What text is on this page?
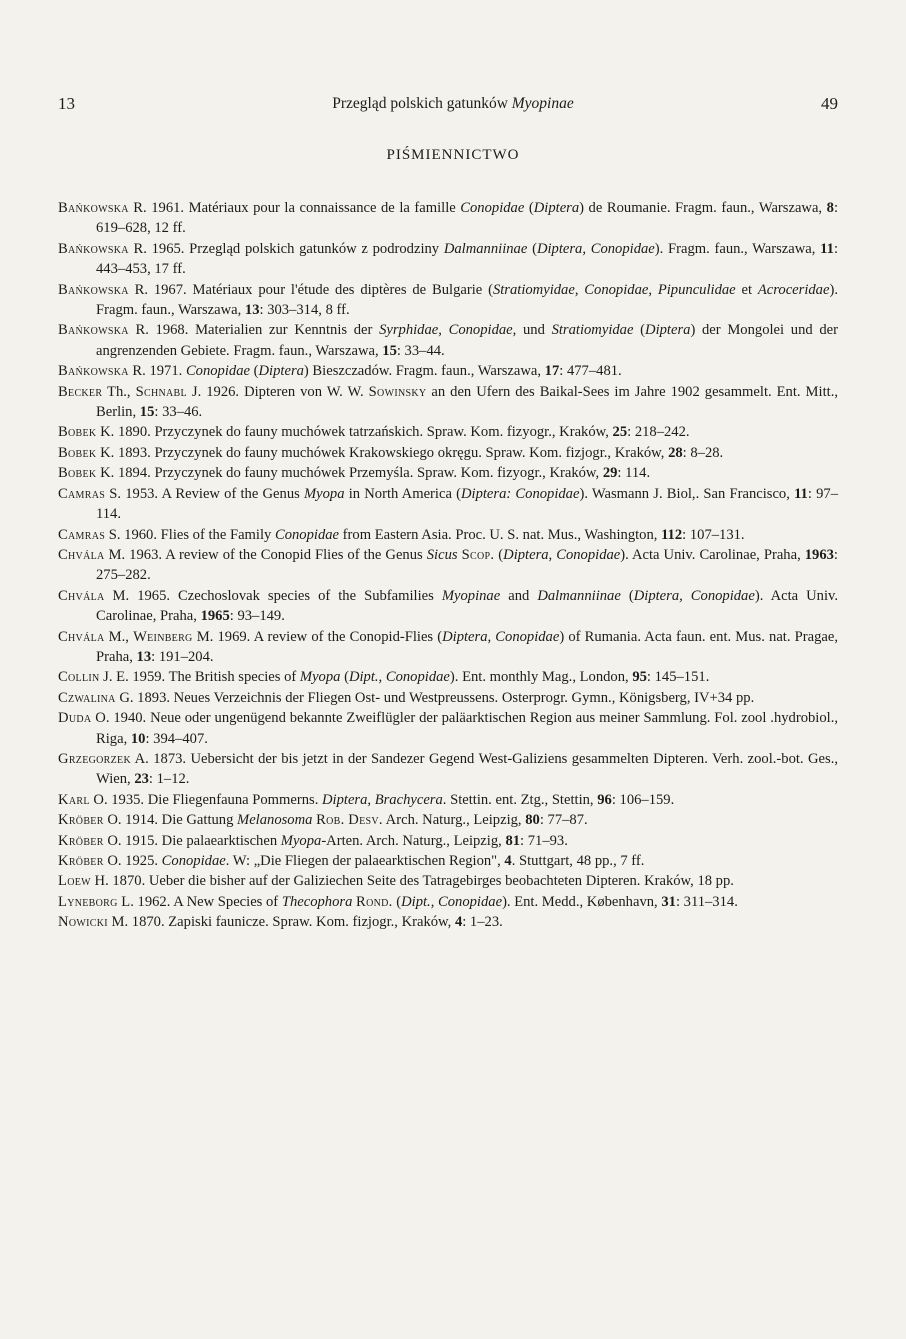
13	Przegląd polskich gatunków Myopinae	49
PIŚMIENNICTWO

Bańkowska R. 1961. Matériaux pour la connaissance de la famille Conopidae (Diptera) de Roumanie. Fragm. faun., Warszawa, 8: 619–628, 12 ff.

Bańkowska R. 1965. Przegląd polskich gatunków z podrodziny Dalmanniinae (Diptera, Conopidae). Fragm. faun., Warszawa, 11: 443–453, 17 ff.

Bańkowska R. 1967. Matériaux pour l'étude des diptères de Bulgarie (Stratiomyidae, Conopidae, Pipunculidae et Acroceridae). Fragm. faun., Warszawa, 13: 303–314, 8 ff.

Bańkowska R. 1968. Materialien zur Kenntnis der Syrphidae, Conopidae, und Stratiomyidae (Diptera) der Mongolei und der angrenzenden Gebiete. Fragm. faun., Warszawa, 15: 33–44.

Bańkowska R. 1971. Conopidae (Diptera) Bieszczadów. Fragm. faun., Warszawa, 17: 477–481.

Becker Th., Schnabl J. 1926. Dipteren von W. W. Sowinsky an den Ufern des Baikal-Sees im Jahre 1902 gesammelt. Ent. Mitt., Berlin, 15: 33–46.

Bobek K. 1890. Przyczynek do fauny muchówek tatrzańskich. Spraw. Kom. fizyogr., Kraków, 25: 218–242.

Bobek K. 1893. Przyczynek do fauny muchówek Krakowskiego okręgu. Spraw. Kom. fizjogr., Kraków, 28: 8–28.

Bobek K. 1894. Przyczynek do fauny muchówek Przemyśla. Spraw. Kom. fizyogr., Kraków, 29: 114.

Camras S. 1953. A Review of the Genus Myopa in North America (Diptera: Conopidae). Wasmann J. Biol,. San Francisco, 11: 97–114.

Camras S. 1960. Flies of the Family Conopidae from Eastern Asia. Proc. U. S. nat. Mus., Washington, 112: 107–131.

Chvála M. 1963. A review of the Conopid Flies of the Genus Sicus Scop. (Diptera, Conopidae). Acta Univ. Carolinae, Praha, 1963: 275–282.

Chvála M. 1965. Czechoslovak species of the Subfamilies Myopinae and Dalmanniinae (Diptera, Conopidae). Acta Univ. Carolinae, Praha, 1965: 93–149.

Chvála M., Weinberg M. 1969. A review of the Conopid-Flies (Diptera, Conopidae) of Rumania. Acta faun. ent. Mus. nat. Pragae, Praha, 13: 191–204.

Collin J. E. 1959. The British species of Myopa (Dipt., Conopidae). Ent. monthly Mag., London, 95: 145–151.

Czwalina G. 1893. Neues Verzeichnis der Fliegen Ost- und Westpreussens. Osterprogr. Gymn., Königsberg, IV+34 pp.

Duda O. 1940. Neue oder ungenügend bekannte Zweiflügler der paläarktischen Region aus meiner Sammlung. Fol. zool .hydrobiol., Riga, 10: 394–407.

Grzegorzek A. 1873. Uebersicht der bis jetzt in der Sandezer Gegend West-Galiziens gesammelten Dipteren. Verh. zool.-bot. Ges., Wien, 23: 1–12.

Karl O. 1935. Die Fliegenfauna Pommerns. Diptera, Brachycera. Stettin. ent. Ztg., Stettin, 96: 106–159.

Kröber O. 1914. Die Gattung Melanosoma Rob. Desv. Arch. Naturg., Leipzig, 80: 77–87.

Kröber O. 1915. Die palaearktischen Myopa-Arten. Arch. Naturg., Leipzig, 81: 71–93.

Kröber O. 1925. Conopidae. W: „Die Fliegen der palaearktischen Region", 4. Stuttgart, 48 pp., 7 ff.

Loew H. 1870. Ueber die bisher auf der Galiziechen Seite des Tatragebirges beobachteten Dipteren. Kraków, 18 pp.

Lyneborg L. 1962. A New Species of Thecophora Rond. (Dipt., Conopidae). Ent. Medd., København, 31: 311–314.

Nowicki M. 1870. Zapiski faunicze. Spraw. Kom. fizjogr., Kraków, 4: 1–23.
